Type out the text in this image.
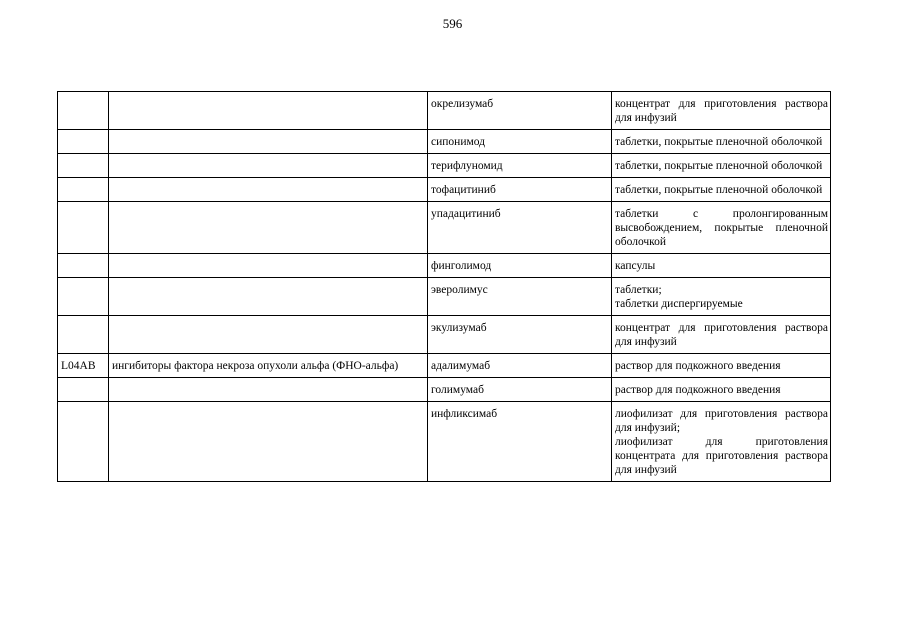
596
		окрелизумаб	концентрат для приготовления раствора для инфузий

		сипонимод	таблетки, покрытые пленочной оболочкой

		терифлуномид	таблетки, покрытые пленочной оболочкой

		тофацитиниб	таблетки, покрытые пленочной оболочкой

		упадацитиниб	таблетки с пролонгированным высвобождением, покрытые пленочной оболочкой

		финголимод	капсулы

		эверолимус	таблетки;
таблетки диспергируемые

		экулизумаб	концентрат для приготовления раствора для инфузий

L04AB	ингибиторы фактора некроза опухоли альфа (ФНО-альфа)	адалимумаб	раствор для подкожного введения

		голимумаб	раствор для подкожного введения

		инфликсимаб	лиофилизат для приготовления раствора для инфузий;
лиофилизат для приготовления концентрата для приготовления раствора для инфузий
